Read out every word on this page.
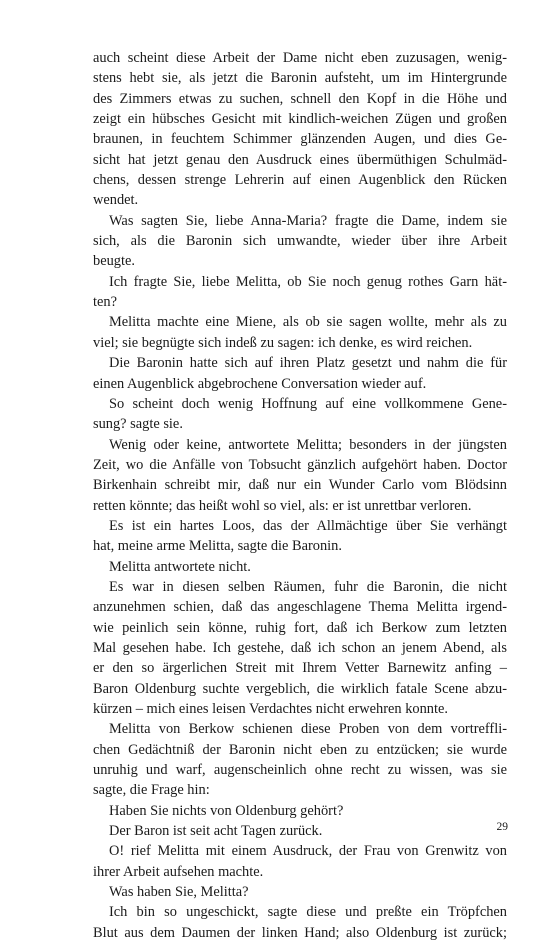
auch scheint diese Arbeit der Dame nicht eben zuzusagen, wenig-
stens hebt sie, als jetzt die Baronin aufsteht, um im Hintergrunde
des Zimmers etwas zu suchen, schnell den Kopf in die Höhe und
zeigt ein hübsches Gesicht mit kindlich-weichen Zügen und großen
braunen, in feuchtem Schimmer glänzenden Augen, und dies Ge-
sicht hat jetzt genau den Ausdruck eines übermüthigen Schulmäd-
chens, dessen strenge Lehrerin auf einen Augenblick den Rücken
wendet.
Was sagten Sie, liebe Anna-Maria? fragte die Dame, indem sie
sich, als die Baronin sich umwandte, wieder über ihre Arbeit
beugte.
Ich fragte Sie, liebe Melitta, ob Sie noch genug rothes Garn hät-
ten?
Melitta machte eine Miene, als ob sie sagen wollte, mehr als zu
viel; sie begnügte sich indeß zu sagen: ich denke, es wird reichen.
Die Baronin hatte sich auf ihren Platz gesetzt und nahm die für
einen Augenblick abgebrochene Conversation wieder auf.
So scheint doch wenig Hoffnung auf eine vollkommene Gene-
sung? sagte sie.
Wenig oder keine, antwortete Melitta; besonders in der jüngsten
Zeit, wo die Anfälle von Tobsucht gänzlich aufgehört haben. Doctor
Birkenhain schreibt mir, daß nur ein Wunder Carlo vom Blödsinn
retten könnte; das heißt wohl so viel, als: er ist unrettbar verloren.
Es ist ein hartes Loos, das der Allmächtige über Sie verhängt
hat, meine arme Melitta, sagte die Baronin.
Melitta antwortete nicht.
Es war in diesen selben Räumen, fuhr die Baronin, die nicht
anzunehmen schien, daß das angeschlagene Thema Melitta irgend-
wie peinlich sein könne, ruhig fort, daß ich Berkow zum letzten
Mal gesehen habe. Ich gestehe, daß ich schon an jenem Abend, als
er den so ärgerlichen Streit mit Ihrem Vetter Barnewitz anfing –
Baron Oldenburg suchte vergeblich, die wirklich fatale Scene abzu-
kürzen – mich eines leisen Verdachtes nicht erwehren konnte.
Melitta von Berkow schienen diese Proben von dem vortreffli-
chen Gedächtniß der Baronin nicht eben zu entzücken; sie wurde
unruhig und warf, augenscheinlich ohne recht zu wissen, was sie
sagte, die Frage hin:
Haben Sie nichts von Oldenburg gehört?
Der Baron ist seit acht Tagen zurück.
O! rief Melitta mit einem Ausdruck, der Frau von Grenwitz von
ihrer Arbeit aufsehen machte.
Was haben Sie, Melitta?
Ich bin so ungeschickt, sagte diese und preßte ein Tröpfchen
Blut aus dem Daumen der linken Hand; also Oldenburg ist zurück;
29
